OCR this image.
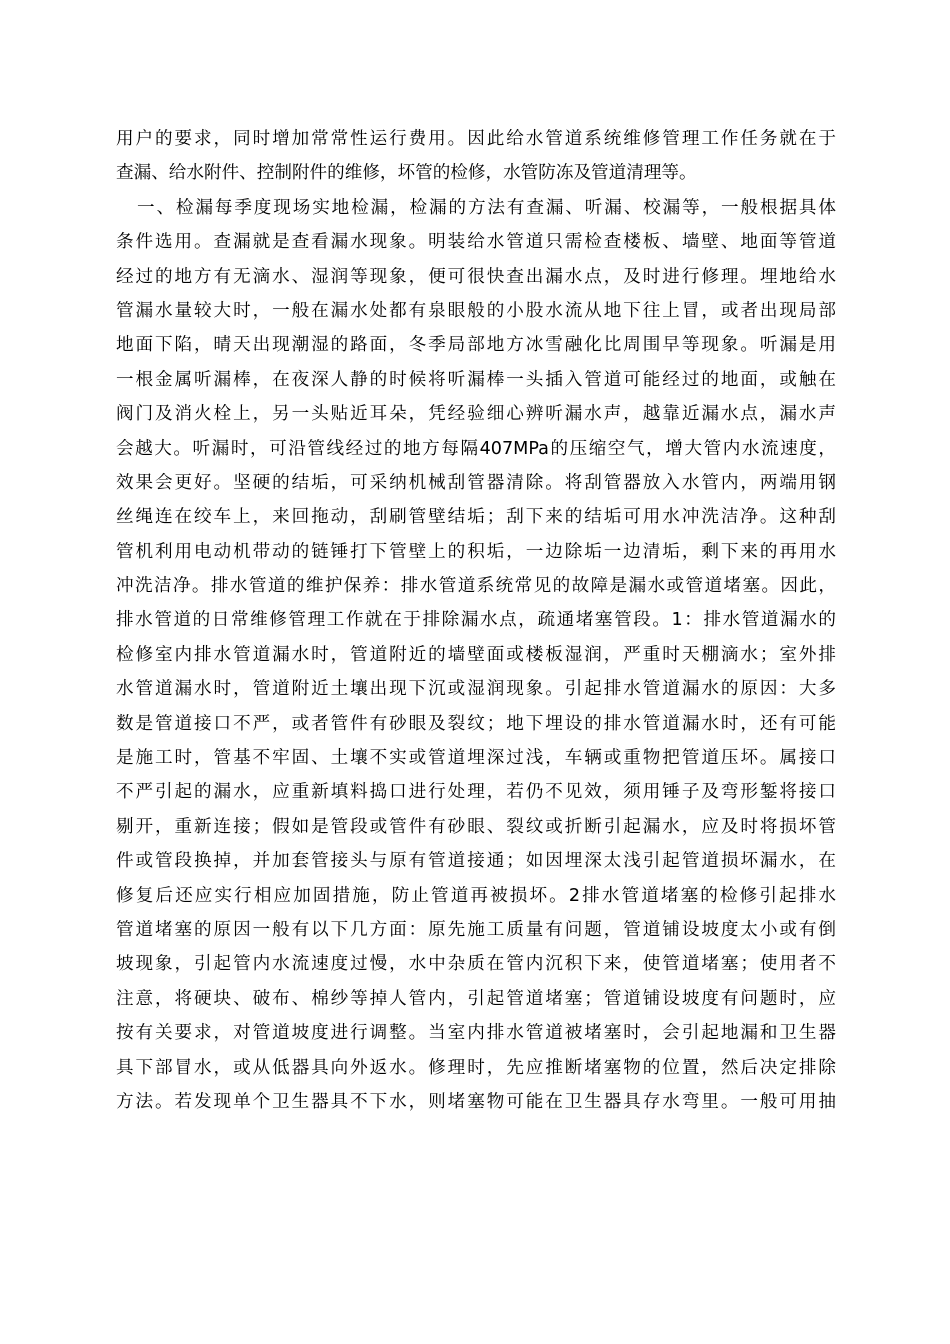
用户的要求，同时增加常常性运行费用。因此给水管道系统维修管理工作任务就在于
查漏、给水附件、控制附件的维修，坏管的检修，水管防冻及管道清理等。
一、检漏每季度现场实地检漏，检漏的方法有查漏、听漏、校漏等，一般根据具体
条件选用。查漏就是查看漏水现象。明装给水管道只需检查楼板、墙壁、地面等管道
经过的地方有无滴水、湿润等现象，便可很快查出漏水点，及时进行修理。埋地给水
管漏水量较大时，一般在漏水处都有泉眼般的小股水流从地下往上冒，或者出现局部
地面下陷，晴天出现潮湿的路面，冬季局部地方冰雪融化比周围早等现象。听漏是用
一根金属听漏棒，在夜深人静的时候将听漏棒一头插入管道可能经过的地面，或触在
阀门及消火栓上，另一头贴近耳朵，凭经验细心辨听漏水声，越靠近漏水点，漏水声
会越大。听漏时，可沿管线经过的地方每隔407MPa的压缩空气，增大管内水流速度，
效果会更好。坚硬的结垢，可采纳机械刮管器清除。将刮管器放入水管内，两端用钢
丝绳连在绞车上，来回拖动，刮刷管壁结垢；刮下来的结垢可用水冲洗洁净。这种刮
管机利用电动机带动的链锤打下管壁上的积垢，一边除垢一边清垢，剩下来的再用水
冲洗洁净。排水管道的维护保养：排水管道系统常见的故障是漏水或管道堵塞。因此，
排水管道的日常维修管理工作就在于排除漏水点，疏通堵塞管段。1：排水管道漏水的
检修室内排水管道漏水时，管道附近的墙壁面或楼板湿润，严重时天棚滴水；室外排
水管道漏水时，管道附近土壤出现下沉或湿润现象。引起排水管道漏水的原因：大多
数是管道接口不严，或者管件有砂眼及裂纹；地下埋设的排水管道漏水时，还有可能
是施工时，管基不牢固、土壤不实或管道埋深过浅，车辆或重物把管道压坏。属接口
不严引起的漏水，应重新填料捣口进行处理，若仍不见效，须用锤子及弯形錾将接口
剔开，重新连接；假如是管段或管件有砂眼、裂纹或折断引起漏水，应及时将损坏管
件或管段换掉，并加套管接头与原有管道接通；如因埋深太浅引起管道损坏漏水，在
修复后还应实行相应加固措施，防止管道再被损坏。2排水管道堵塞的检修引起排水
管道堵塞的原因一般有以下几方面：原先施工质量有问题，管道铺设坡度太小或有倒
坡现象，引起管内水流速度过慢，水中杂质在管内沉积下来，使管道堵塞；使用者不
注意，将硬块、破布、棉纱等掉人管内，引起管道堵塞；管道铺设坡度有问题时，应
按有关要求，对管道坡度进行调整。当室内排水管道被堵塞时，会引起地漏和卫生器
具下部冒水，或从低器具向外返水。修理时，先应推断堵塞物的位置，然后决定排除
方法。若发现单个卫生器具不下水，则堵塞物可能在卫生器具存水弯里。一般可用抽
